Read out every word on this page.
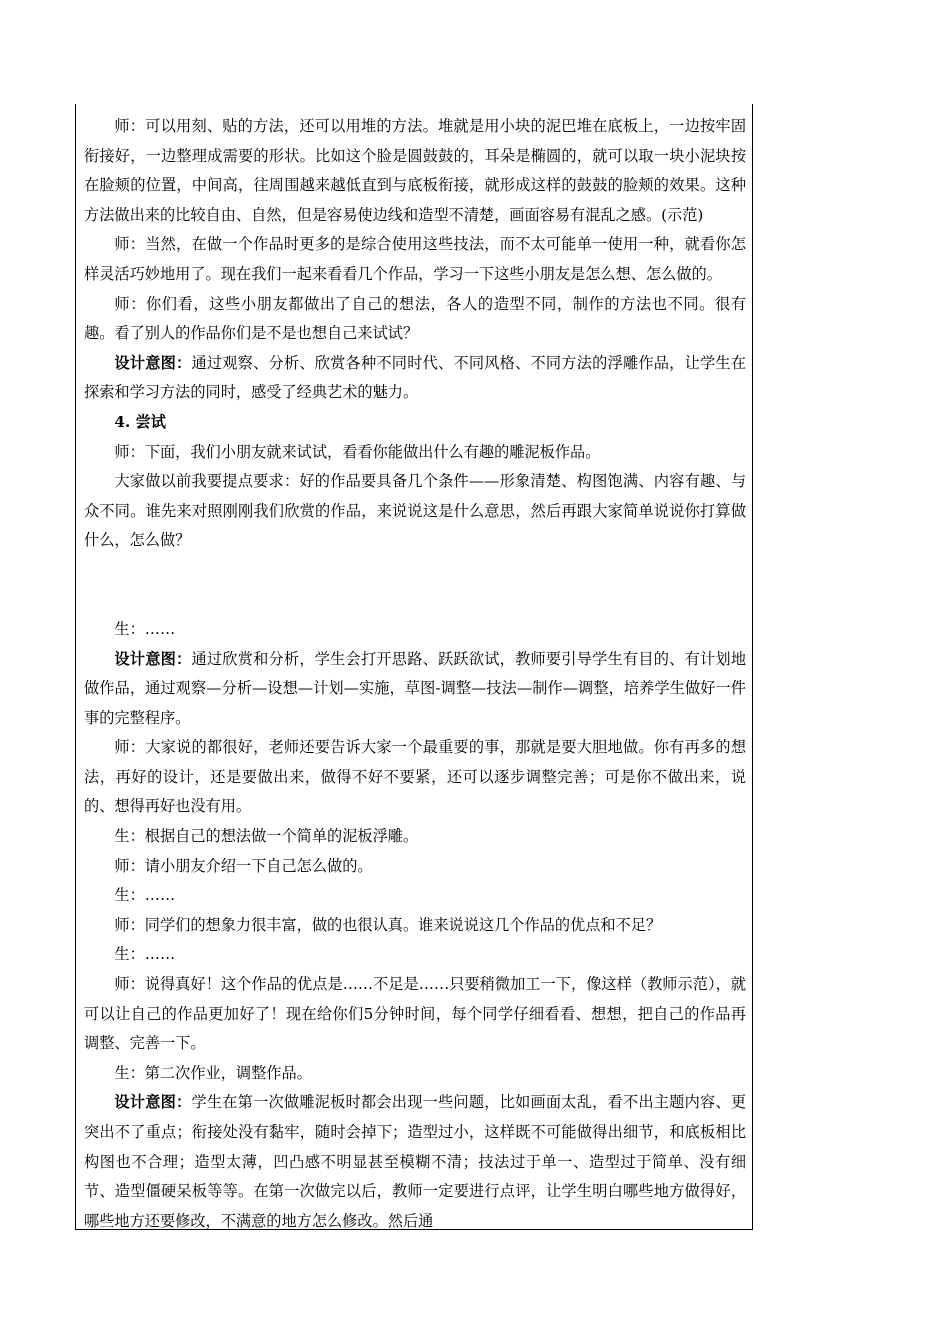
师：可以用刻、贴的方法，还可以用堆的方法。堆就是用小块的泥巴堆在底板上，一边按牢固衔接好，一边整理成需要的形状。比如这个脸是圆鼓鼓的，耳朵是椭圆的，就可以取一块小泥块按在脸颊的位置，中间高，往周围越来越低直到与底板衔接，就形成这样的鼓鼓的脸颊的效果。这种方法做出来的比较自由、自然，但是容易使边线和造型不清楚，画面容易有混乱之感。(示范)

师：当然，在做一个作品时更多的是综合使用这些技法，而不太可能单一使用一种，就看你怎样灵活巧妙地用了。现在我们一起来看看几个作品，学习一下这些小朋友是怎么想、怎么做的。

师：你们看，这些小朋友都做出了自己的想法，各人的造型不同，制作的方法也不同。很有趣。看了别人的作品你们是不是也想自己来试试？

设计意图：通过观察、分析、欣赏各种不同时代、不同风格、不同方法的浮雕作品，让学生在探索和学习方法的同时，感受了经典艺术的魅力。

4. 尝试

师：下面，我们小朋友就来试试，看看你能做出什么有趣的雕泥板作品。

大家做以前我要提点要求：好的作品要具备几个条件——形象清楚、构图饱满、内容有趣、与众不同。谁先来对照刚刚我们欣赏的作品，来说说这是什么意思，然后再跟大家简单说说你打算做什么，怎么做？

生：……

设计意图：通过欣赏和分析，学生会打开思路、跃跃欲试，教师要引导学生有目的、有计划地做作品，通过观察—分析—设想—计划—实施，草图-调整—技法—制作—调整，培养学生做好一件事的完整程序。

师：大家说的都很好，老师还要告诉大家一个最重要的事，那就是要大胆地做。你有再多的想法，再好的设计，还是要做出来，做得不好不要紧，还可以逐步调整完善；可是你不做出来，说的、想得再好也没有用。

生：根据自己的想法做一个简单的泥板浮雕。

师：请小朋友介绍一下自己怎么做的。

生：……

师：同学们的想象力很丰富，做的也很认真。谁来说说这几个作品的优点和不足？

生：……

师：说得真好！这个作品的优点是……不足是……只要稍微加工一下，像这样（教师示范），就可以让自己的作品更加好了！现在给你们5分钟时间，每个同学仔细看看、想想，把自己的作品再调整、完善一下。

生：第二次作业，调整作品。

设计意图：学生在第一次做雕泥板时都会出现一些问题，比如画面太乱，看不出主题内容、更突出不了重点；衔接处没有黏牢，随时会掉下；造型过小，这样既不可能做得出细节，和底板相比构图也不合理；造型太薄，凹凸感不明显甚至模糊不清；技法过于单一、造型过于简单、没有细节、造型僵硬呆板等等。在第一次做完以后，教师一定要进行点评，让学生明白哪些地方做得好，哪些地方还要修改，不满意的地方怎么修改。然后通
